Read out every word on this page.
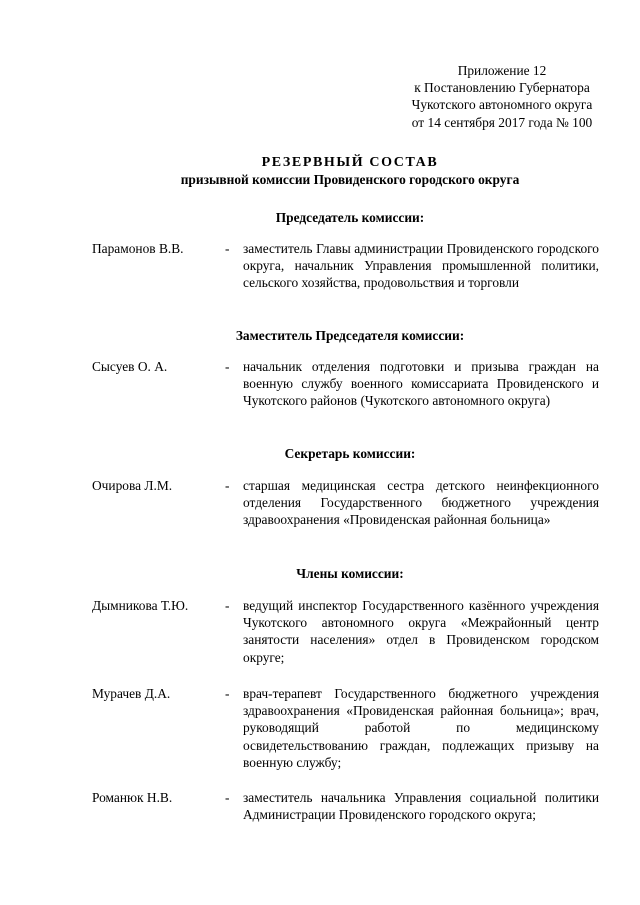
Приложение 12
к Постановлению Губернатора
Чукотского автономного округа
от 14 сентября 2017 года № 100
РЕЗЕРВНЫЙ СОСТАВ
призывной комиссии Провиденского городского округа
Председатель комиссии:
Парамонов В.В.	- заместитель Главы администрации Провиденского городского округа, начальник Управления промышленной политики, сельского хозяйства, продовольствия и торговли
Заместитель Председателя комиссии:
Сысуев О. А.	- начальник отделения подготовки и призыва граждан на военную службу военного комиссариата Провиденского и Чукотского районов (Чукотского автономного округа)
Секретарь комиссии:
Очирова Л.М.	- старшая медицинская сестра детского неинфекционного отделения Государственного бюджетного учреждения здравоохранения «Провиденская районная больница»
Члены комиссии:
Дымникова Т.Ю.	- ведущий инспектор Государственного казённого учреждения Чукотского автономного округа «Межрайонный центр занятости населения» отдел в Провиденском городском округе;
Мурачев Д.А.	- врач-терапевт Государственного бюджетного учреждения здравоохранения «Провиденская районная больница»; врач, руководящий работой по медицинскому освидетельствованию граждан, подлежащих призыву на военную службу;
Романюк Н.В.	- заместитель начальника Управления социальной политики Администрации Провиденского городского округа;
